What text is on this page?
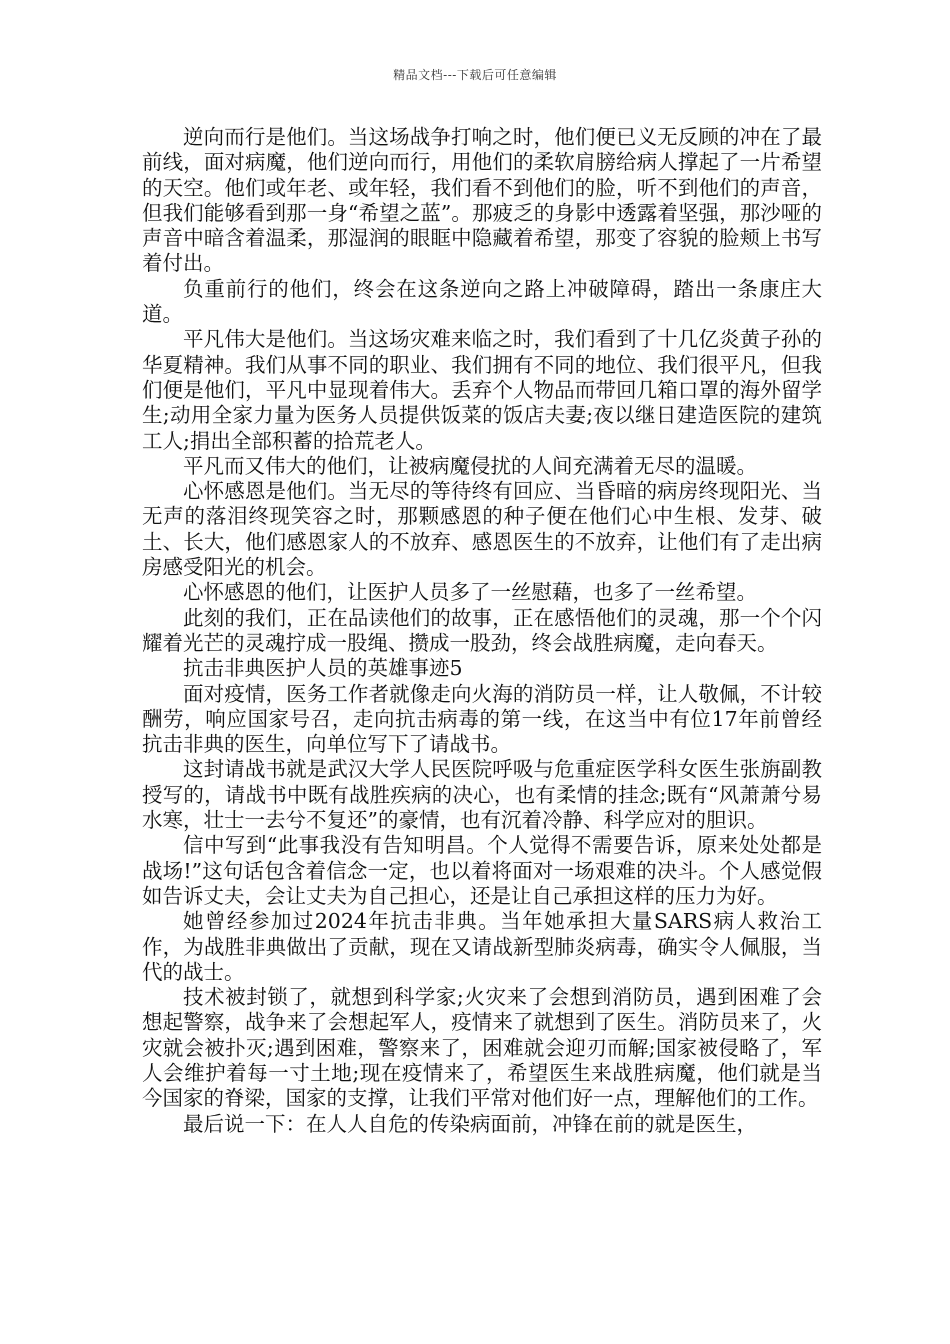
精品文档---下载后可任意编辑

逆向而行是他们。当这场战争打响之时，他们便已义无反顾的冲在了最前线，面对病魔，他们逆向而行，用他们的柔软肩膀给病人撑起了一片希望的天空。他们或年老、或年轻，我们看不到他们的脸，听不到他们的声音，但我们能够看到那一身“希望之蓝”。那疲乏的身影中透露着坚强，那沙哑的声音中暗含着温柔，那湿润的眼眶中隐藏着希望，那变了容貌的脸颊上书写着付出。

负重前行的他们，终会在这条逆向之路上冲破障碍，踏出一条康庄大道。

平凡伟大是他们。当这场灾难来临之时，我们看到了十几亿炎黄子孙的华夏精神。我们从事不同的职业、我们拥有不同的地位、我们很平凡，但我们便是他们，平凡中显现着伟大。丢弃个人物品而带回几箱口罩的海外留学生;动用全家力量为医务人员提供饭菜的饭店夫妻;夜以继日建造医院的建筑工人;捐出全部积蓄的拾荒老人。

平凡而又伟大的他们，让被病魔侵扰的人间充满着无尽的温暖。

心怀感恩是他们。当无尽的等待终有回应、当昏暗的病房终现阳光、当无声的落泪终现笑容之时，那颗感恩的种子便在他们心中生根、发芽、破土、长大，他们感恩家人的不放弃、感恩医生的不放弃，让他们有了走出病房感受阳光的机会。

心怀感恩的他们，让医护人员多了一丝慰藉，也多了一丝希望。

此刻的我们，正在品读他们的故事，正在感悟他们的灵魂，那一个个闪耀着光芒的灵魂拧成一股绳、攒成一股劲，终会战胜病魔，走向春天。

抗击非典医护人员的英雄事迹5

面对疫情，医务工作者就像走向火海的消防员一样，让人敬佩，不计较酬劳，响应国家号召，走向抗击病毒的第一线，在这当中有位17年前曾经抗击非典的医生，向单位写下了请战书。

这封请战书就是武汉大学人民医院呼吸与危重症医学科女医生张旃副教授写的，请战书中既有战胜疾病的决心，也有柔情的挂念;既有“风萧萧兮易水寒，壮士一去兮不复还”的豪情，也有沉着冷静、科学应对的胆识。

信中写到“此事我没有告知明昌。个人觉得不需要告诉，原来处处都是战场!”这句话包含着信念一定，也以着将面对一场艰难的决斗。个人感觉假如告诉丈夫，会让丈夫为自己担心，还是让自己承担这样的压力为好。

她曾经参加过2024年抗击非典。当年她承担大量SARS病人救治工作，为战胜非典做出了贡献，现在又请战新型肺炎病毒，确实令人佩服，当代的战士。

技术被封锁了，就想到科学家;火灾来了会想到消防员，遇到困难了会想起警察，战争来了会想起军人，疫情来了就想到了医生。消防员来了，火灾就会被扑灭;遇到困难，警察来了，困难就会迎刃而解;国家被侵略了，军人会维护着每一寸土地;现在疫情来了，希望医生来战胜病魔，他们就是当今国家的脊梁，国家的支撑，让我们平常对他们好一点，理解他们的工作。

最后说一下：在人人自危的传染病面前，冲锋在前的就是医生，
